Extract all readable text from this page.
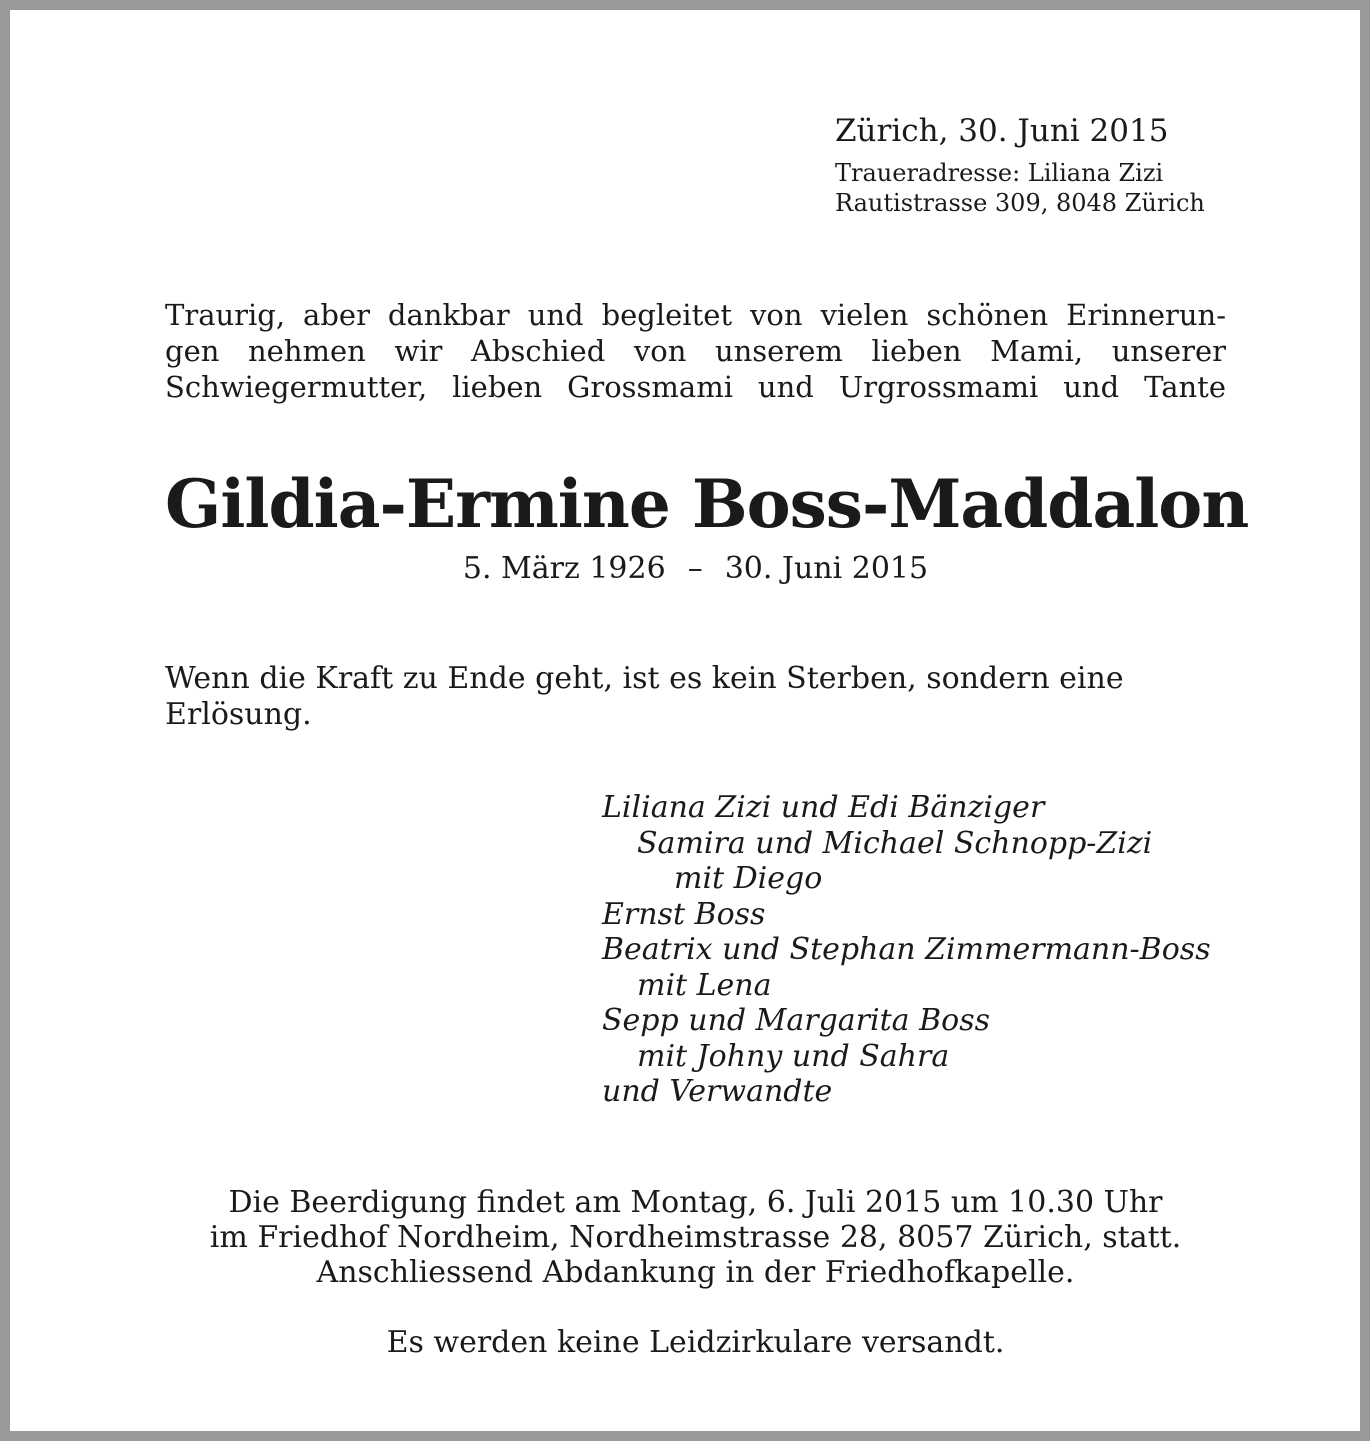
Zürich, 30. Juni 2015
Traueradresse: Liliana Zizi
Rautistrasse 309, 8048 Zürich
Traurig, aber dankbar und begleitet von vielen schönen Erinnerun-
gen nehmen wir Abschied von unserem lieben Mami, unserer
Schwiegermutter, lieben Grossmami und Urgrossmami und Tante
Gildia-Ermine Boss-Maddalon
5. März 1926 – 30. Juni 2015
Wenn die Kraft zu Ende geht, ist es kein Sterben, sondern eine
Erlösung.
Liliana Zizi und Edi Bänziger
Samira und Michael Schnopp-Zizi
mit Diego
Ernst Boss
Beatrix und Stephan Zimmermann-Boss
mit Lena
Sepp und Margarita Boss
mit Johny und Sahra
und Verwandte
Die Beerdigung findet am Montag, 6. Juli 2015 um 10.30 Uhr
im Friedhof Nordheim, Nordheimstrasse 28, 8057 Zürich, statt.
Anschliessend Abdankung in der Friedhofkapelle.
Es werden keine Leidzirkulare versandt.
